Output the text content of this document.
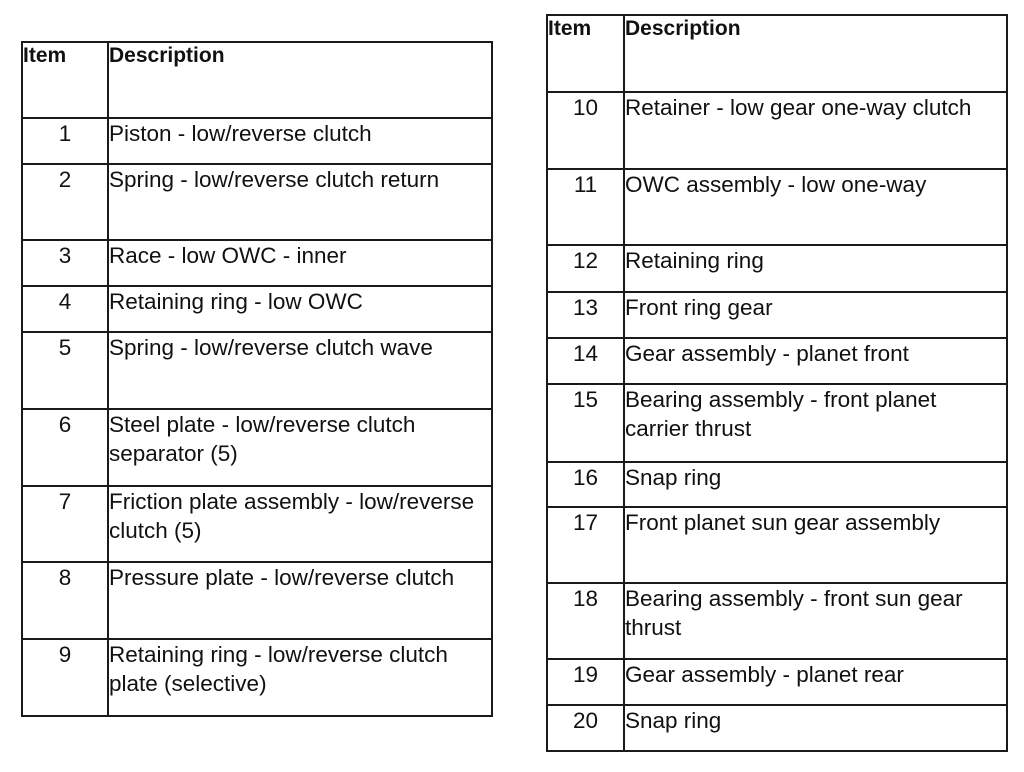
Item	Description
1	Piston - low/reverse clutch
2	Spring - low/reverse clutch return
3	Race - low OWC - inner
4	Retaining ring - low OWC
5	Spring - low/reverse clutch wave
6	Steel plate - low/reverse clutch separator (5)
7	Friction plate assembly - low/reverse clutch (5)
8	Pressure plate - low/reverse clutch
9	Retaining ring - low/reverse clutch plate (selective)
Item	Description
10	Retainer - low gear one-way clutch
11	OWC assembly - low one-way
12	Retaining ring
13	Front ring gear
14	Gear assembly - planet front
15	Bearing assembly - front planet carrier thrust
16	Snap ring
17	Front planet sun gear assembly
18	Bearing assembly - front sun gear thrust
19	Gear assembly - planet rear
20	Snap ring
